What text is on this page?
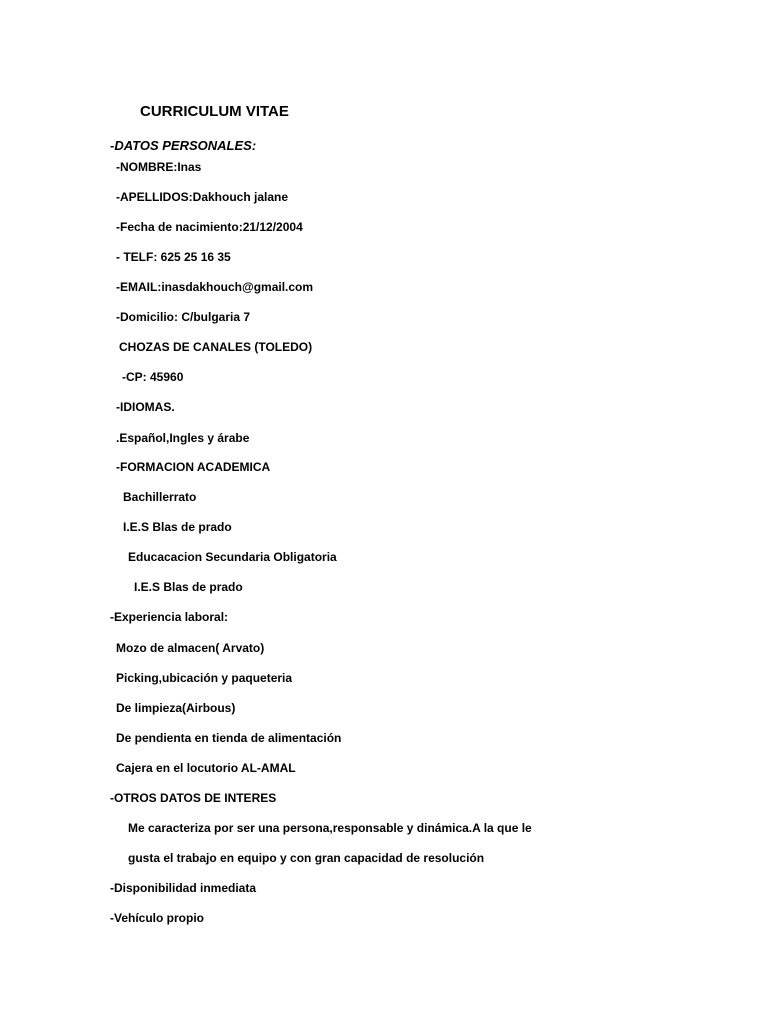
CURRICULUM VITAE
-DATOS PERSONALES:
-NOMBRE:Inas
-APELLIDOS:Dakhouch jalane
-Fecha de nacimiento:21/12/2004
- TELF: 625 25 16 35
-EMAIL:inasdakhouch@gmail.com
-Domicilio: C/bulgaria 7
CHOZAS DE CANALES (TOLEDO)
-CP: 45960
-IDIOMAS.
.Español,Ingles y árabe
-FORMACION ACADEMICA
Bachillerrato
I.E.S Blas de prado
Educacacion Secundaria Obligatoria
I.E.S Blas de prado
-Experiencia laboral:
Mozo de almacen( Arvato)
Picking,ubicación y paqueteria
De limpieza(Airbous)
De pendienta en tienda de alimentación
Cajera en el locutorio AL-AMAL
-OTROS DATOS DE INTERES
Me caracteriza por ser una persona,responsable y dinámica.A la que le
gusta el trabajo en equipo y con gran capacidad de resolución
-Disponibilidad inmediata
-Vehículo propio
